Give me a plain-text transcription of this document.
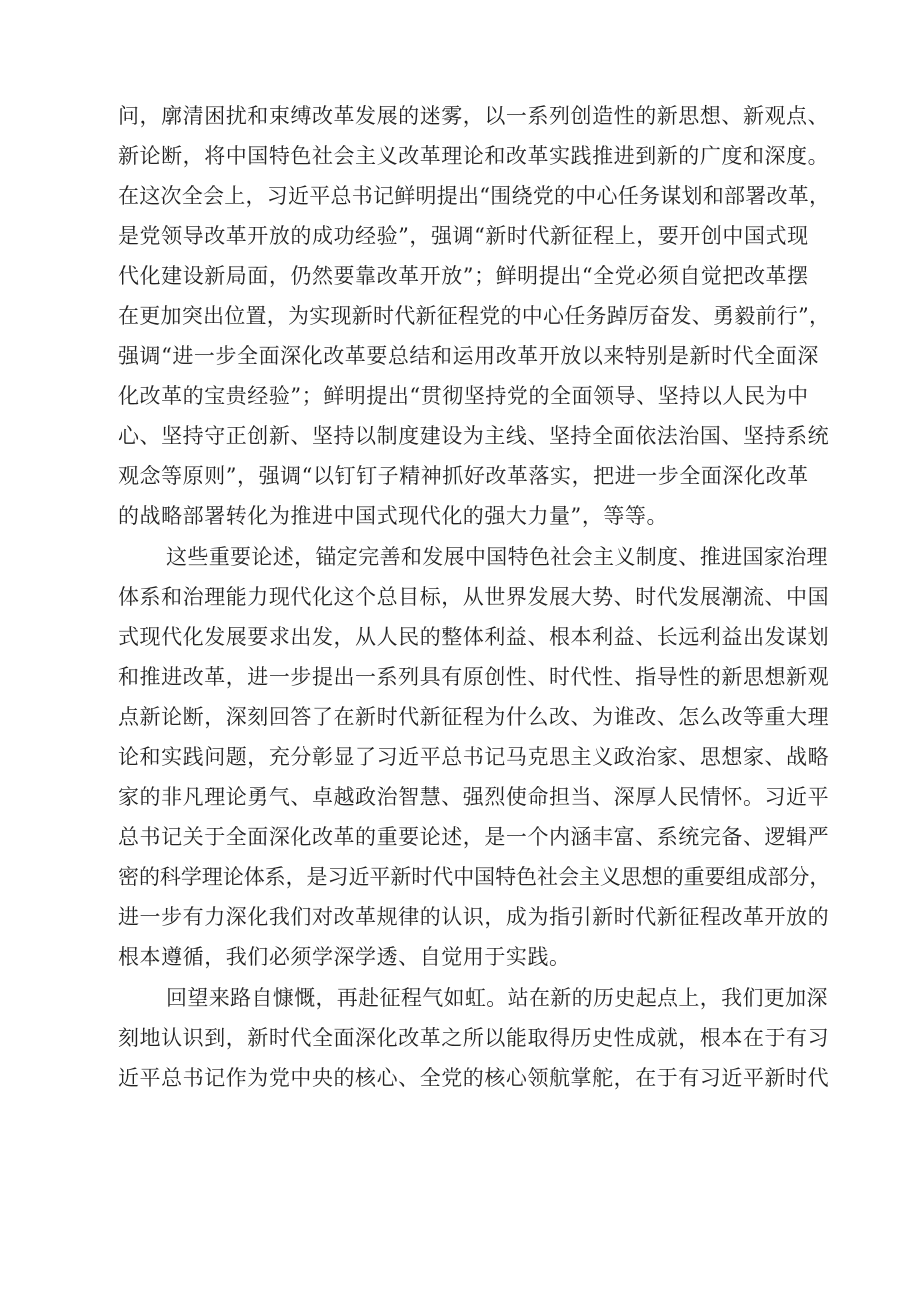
问，廓清困扰和束缚改革发展的迷雾，以一系列创造性的新思想、新观点、
新论断，将中国特色社会主义改革理论和改革实践推进到新的广度和深度。
在这次全会上，习近平总书记鲜明提出“围绕党的中心任务谋划和部署改革，
是党领导改革开放的成功经验”，强调“新时代新征程上，要开创中国式现
代化建设新局面，仍然要靠改革开放”；鲜明提出“全党必须自觉把改革摆
在更加突出位置，为实现新时代新征程党的中心任务踔厉奋发、勇毅前行”，
强调“进一步全面深化改革要总结和运用改革开放以来特别是新时代全面深
化改革的宝贵经验”；鲜明提出“贯彻坚持党的全面领导、坚持以人民为中
心、坚持守正创新、坚持以制度建设为主线、坚持全面依法治国、坚持系统
观念等原则”，强调“以钉钉子精神抓好改革落实，把进一步全面深化改革
的战略部署转化为推进中国式现代化的强大力量”，等等。
这些重要论述，锚定完善和发展中国特色社会主义制度、推进国家治理
体系和治理能力现代化这个总目标，从世界发展大势、时代发展潮流、中国
式现代化发展要求出发，从人民的整体利益、根本利益、长远利益出发谋划
和推进改革，进一步提出一系列具有原创性、时代性、指导性的新思想新观
点新论断，深刻回答了在新时代新征程为什么改、为谁改、怎么改等重大理
论和实践问题，充分彰显了习近平总书记马克思主义政治家、思想家、战略
家的非凡理论勇气、卓越政治智慧、强烈使命担当、深厚人民情怀。习近平
总书记关于全面深化改革的重要论述，是一个内涵丰富、系统完备、逻辑严
密的科学理论体系，是习近平新时代中国特色社会主义思想的重要组成部分，
进一步有力深化我们对改革规律的认识，成为指引新时代新征程改革开放的
根本遵循，我们必须学深学透、自觉用于实践。
回望来路自慷慨，再赴征程气如虹。站在新的历史起点上，我们更加深
刻地认识到，新时代全面深化改革之所以能取得历史性成就，根本在于有习
近平总书记作为党中央的核心、全党的核心领航掌舵，在于有习近平新时代
